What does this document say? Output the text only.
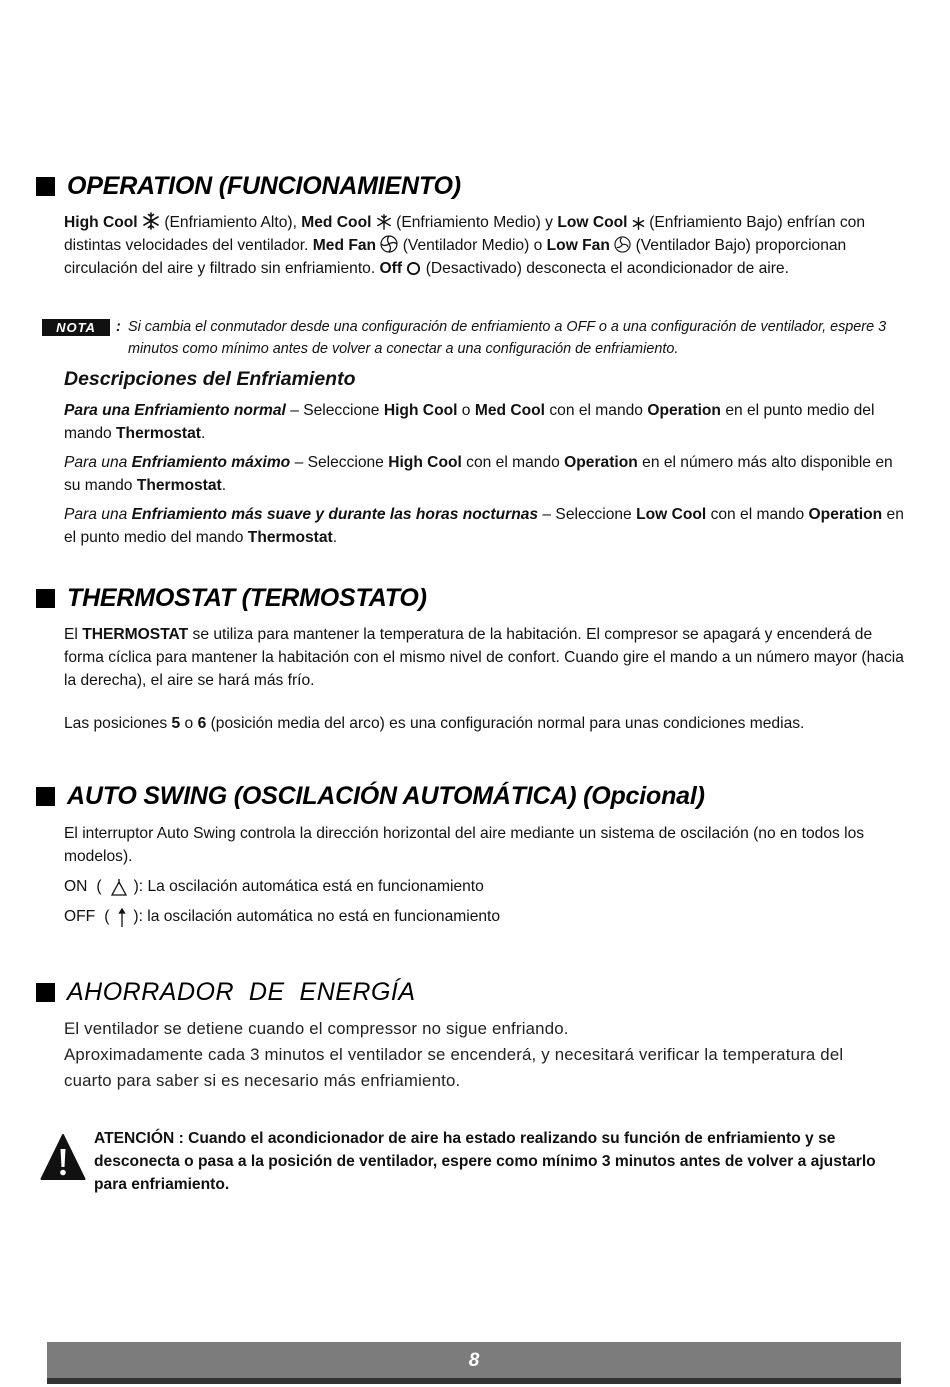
OPERATION (FUNCIONAMIENTO)

High Cool (Enfriamiento Alto), Med Cool (Enfriamiento Medio) y Low Cool (Enfriamiento Bajo) enfrían con distintas velocidades del ventilador. Med Fan (Ventilador Medio) o Low Fan (Ventilador Bajo) proporcionan circulación del aire y filtrado sin enfriamiento. Off (Desactivado) desconecta el acondicionador de aire.

NOTA	: Si cambia el conmutador desde una configuración de enfriamiento a OFF o a una configuración de ventilador, espere 3 minutos como mínimo antes de volver a conectar a una configuración de enfriamiento.
Descripciones del Enfriamiento

Para una Enfriamiento normal – Seleccione High Cool o Med Cool con el mando Operation en el punto medio del mando Thermostat.

Para una Enfriamiento máximo – Seleccione High Cool con el mando Operation en el número más alto disponible en su mando Thermostat.

Para una Enfriamiento más suave y durante las horas nocturnas – Seleccione Low Cool con el mando Operation en el punto medio del mando Thermostat.

THERMOSTAT (TERMOSTATO)

El THERMOSTAT se utiliza para mantener la temperatura de la habitación. El compresor se apagará y encenderá de forma cíclica para mantener la habitación con el mismo nivel de confort. Cuando gire el mando a un número mayor (hacia la derecha), el aire se hará más frío.

Las posiciones 5 o 6 (posición media del arco) es una configuración normal para unas condiciones medias.

AUTO SWING (OSCILACIÓN AUTOMÁTICA) (Opcional)

El interruptor Auto Swing controla la dirección horizontal del aire mediante un sistema de oscilación (no en todos los modelos).

ON ( ): La oscilación automática está en funcionamiento
OFF ( ): la oscilación automática no está en funcionamiento
AHORRADOR  DE  ENERGÍA

El ventilador se detiene cuando el compressor no sigue enfriando.

Aproximadamente cada 3 minutos el ventilador se encenderá, y necesitará verificar la temperatura del cuarto para saber si es necesario más enfriamiento.

ATENCIÓN : Cuando el acondicionador de aire ha estado realizando su función de enfriamiento y se desconecta o pasa a la posición de ventilador, espere como mínimo 3 minutos antes de volver a ajustarlo para enfriamiento.

8
